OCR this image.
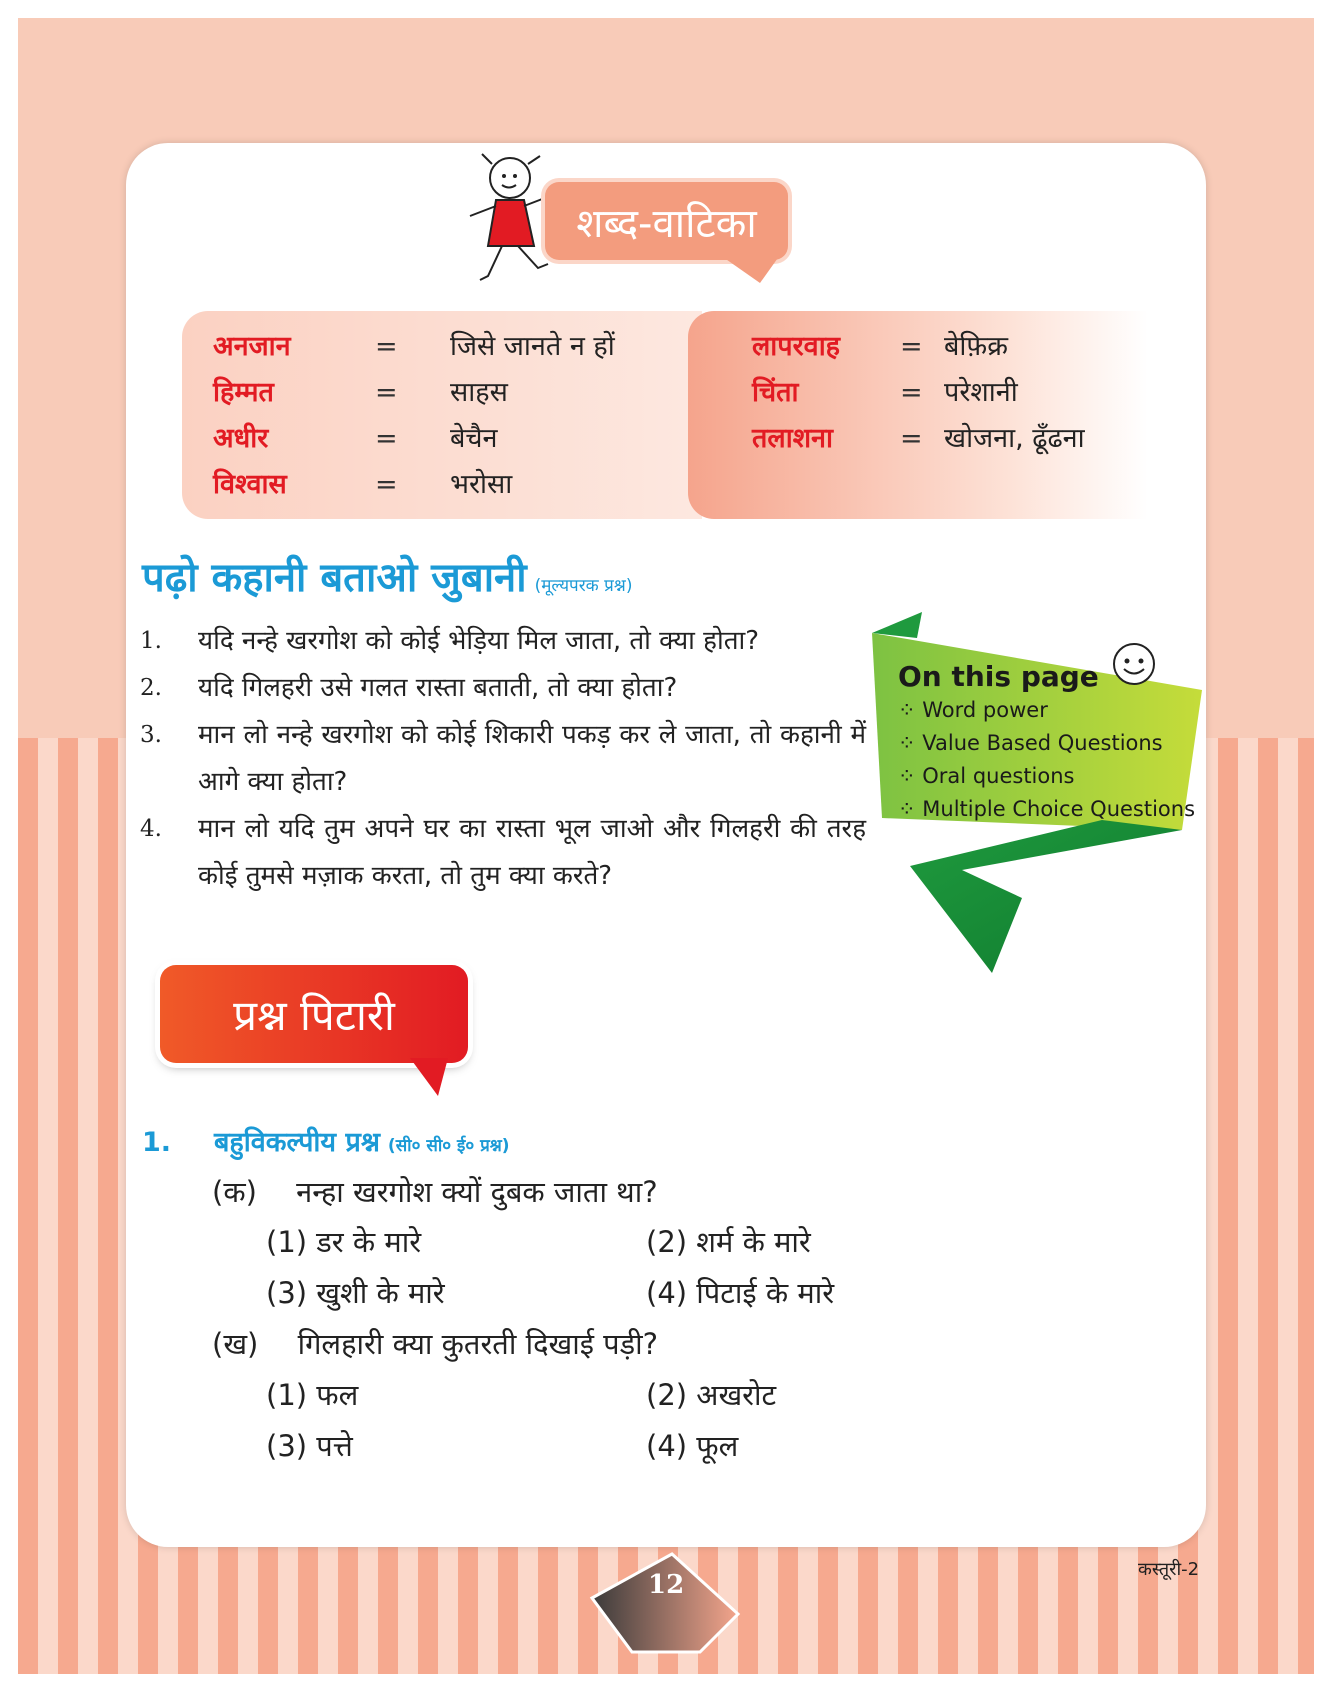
शब्द-वाटिका
अनजान	= जिसे जानते न हों
हिम्मत	= साहस
अधीर	= बेचैन
विश्वास	= भरोसा
लापरवाह = बेफ़िक्र
चिंता	= परेशानी
तलाशना = खोजना, ढूँढना
पढ़ो कहानी बताओ जुबानी (मूल्यपरक प्रश्न)
1. यदि नन्हे खरगोश को कोई भेड़िया मिल जाता, तो क्या होता?
2. यदि गिलहरी उसे गलत रास्ता बताती, तो क्या होता?
3. मान लो नन्हे खरगोश को कोई शिकारी पकड़ कर ले जाता, तो कहानी में आगे क्या होता?
4. मान लो यदि तुम अपने घर का रास्ता भूल जाओ और गिलहरी की तरह कोई तुमसे मज़ाक करता, तो तुम क्या करते?
On this page
⁘ Word power
⁘ Value Based Questions
⁘ Oral questions
⁘ Multiple Choice Questions
प्रश्न पिटारी
1. बहुविकल्पीय प्रश्न (सी० सी० ई० प्रश्न)
(क) नन्हा खरगोश क्यों दुबक जाता था?
(1) डर के मारे	(2) शर्म के मारे
(3) खुशी के मारे	(4) पिटाई के मारे
(ख) गिलहारी क्या कुतरती दिखाई पड़ी?
(1) फल	(2) अखरोट
(3) पत्ते	(4) फूल
कस्तूरी-2
12
